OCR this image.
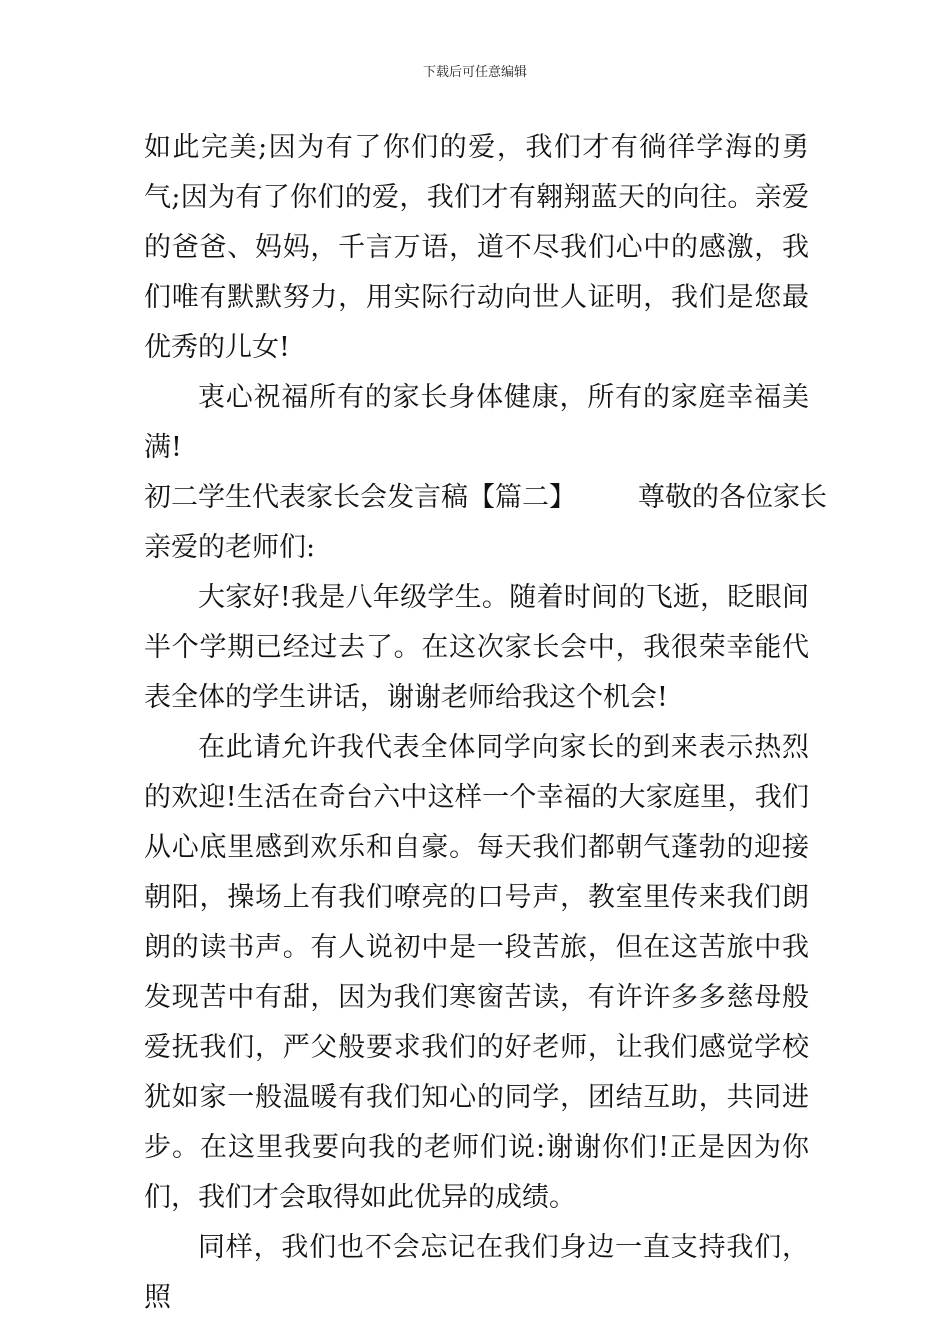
下载后可任意编辑

如此完美;因为有了你们的爱，我们才有徜徉学海的勇气;因为有了你们的爱，我们才有翱翔蓝天的向往。亲爱的爸爸、妈妈，千言万语，道不尽我们心中的感激，我们唯有默默努力，用实际行动向世人证明，我们是您最优秀的儿女!

衷心祝福所有的家长身体健康，所有的家庭幸福美满!

初二学生代表家长会发言稿【篇二】 尊敬的各位家长

亲爱的老师们:

大家好!我是八年级学生。随着时间的飞逝，眨眼间半个学期已经过去了。在这次家长会中，我很荣幸能代表全体的学生讲话，谢谢老师给我这个机会!

在此请允许我代表全体同学向家长的到来表示热烈的欢迎!生活在奇台六中这样一个幸福的大家庭里，我们从心底里感到欢乐和自豪。每天我们都朝气蓬勃的迎接朝阳，操场上有我们嘹亮的口号声，教室里传来我们朗朗的读书声。有人说初中是一段苦旅，但在这苦旅中我发现苦中有甜，因为我们寒窗苦读，有许许多多慈母般爱抚我们，严父般要求我们的好老师，让我们感觉学校犹如家一般温暖有我们知心的同学，团结互助，共同进步。在这里我要向我的老师们说:谢谢你们!正是因为你们，我们才会取得如此优异的成绩。

同样，我们也不会忘记在我们身边一直支持我们，照
